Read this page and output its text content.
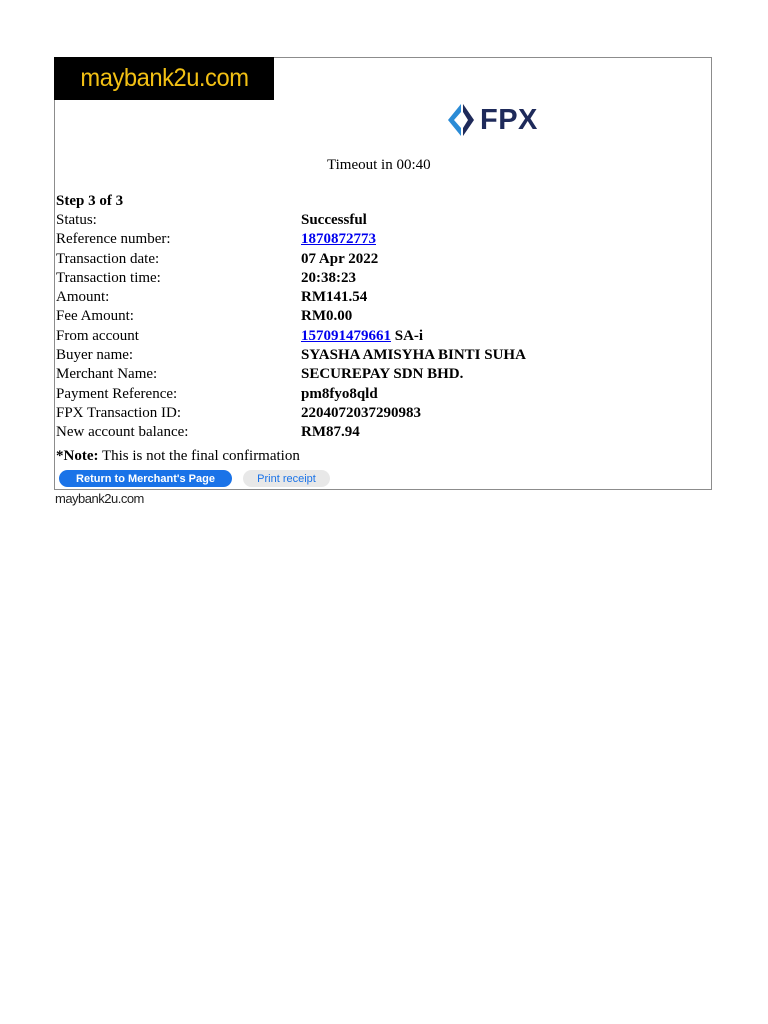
maybank2u.com
FPX
Timeout in 00:40
Step 3 of 3
Status:	Successful
Reference number:	1870872773
Transaction date:	07 Apr 2022
Transaction time:	20:38:23
Amount:	RM141.54
Fee Amount:	RM0.00
From account	157091479661 SA-i
Buyer name:	SYASHA AMISYHA BINTI SUHA
Merchant Name:	SECUREPAY SDN BHD.
Payment Reference:	pm8fyo8qld
FPX Transaction ID:	2204072037290983
New account balance:	RM87.94
*Note: This is not the final confirmation
Return to Merchant's Page	Print receipt
maybank2u.com
